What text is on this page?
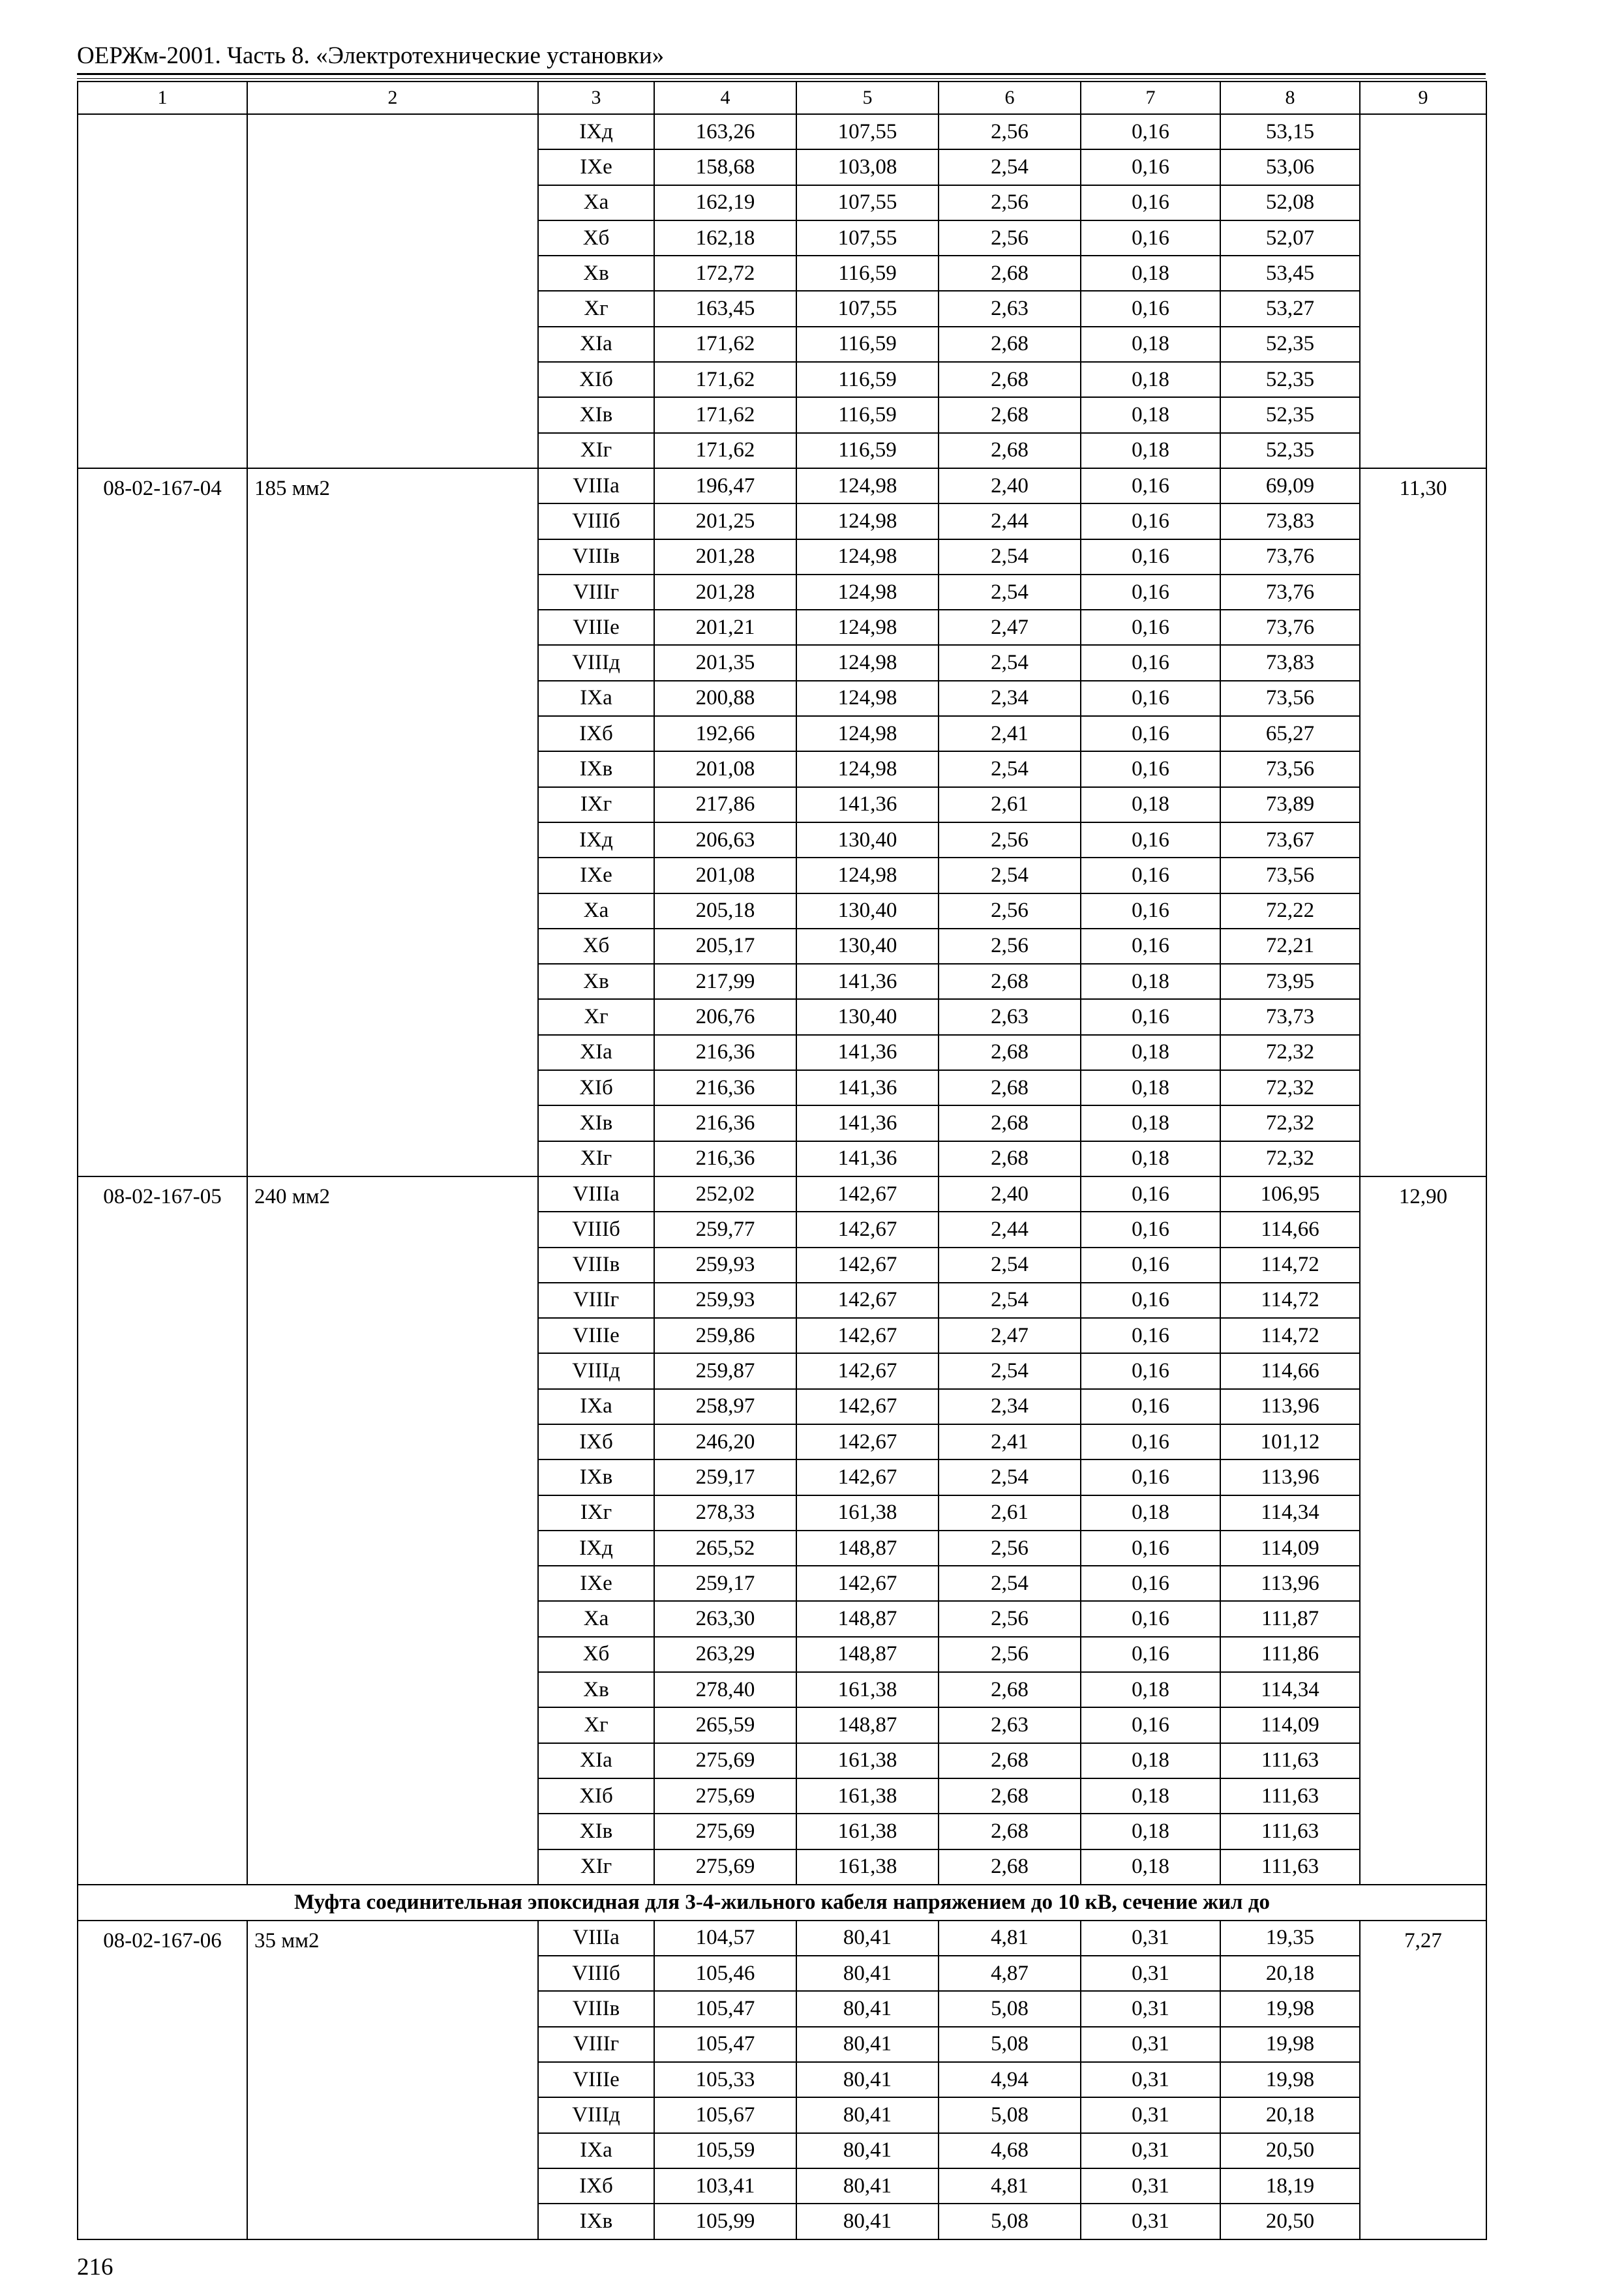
ОЕРЖм-2001. Часть 8. «Электротехнические установки»
1	2	3	4	5	6	7	8	9
		IXд	163,26	107,55	2,56	0,16	53,15	
		IXе	158,68	103,08	2,54	0,16	53,06	
		Xа	162,19	107,55	2,56	0,16	52,08	
		Xб	162,18	107,55	2,56	0,16	52,07	
		Xв	172,72	116,59	2,68	0,18	53,45	
		Xг	163,45	107,55	2,63	0,16	53,27	
		XIа	171,62	116,59	2,68	0,18	52,35	
		XIб	171,62	116,59	2,68	0,18	52,35	
		XIв	171,62	116,59	2,68	0,18	52,35	
		XIг	171,62	116,59	2,68	0,18	52,35	
08-02-167-04	185 мм2	VIIIа	196,47	124,98	2,40	0,16	69,09	11,30
		VIIIб	201,25	124,98	2,44	0,16	73,83	
		VIIIв	201,28	124,98	2,54	0,16	73,76	
		VIIIг	201,28	124,98	2,54	0,16	73,76	
		VIIIе	201,21	124,98	2,47	0,16	73,76	
		VIIIд	201,35	124,98	2,54	0,16	73,83	
		IXа	200,88	124,98	2,34	0,16	73,56	
		IXб	192,66	124,98	2,41	0,16	65,27	
		IXв	201,08	124,98	2,54	0,16	73,56	
		IXг	217,86	141,36	2,61	0,18	73,89	
		IXд	206,63	130,40	2,56	0,16	73,67	
		IXе	201,08	124,98	2,54	0,16	73,56	
		Xа	205,18	130,40	2,56	0,16	72,22	
		Xб	205,17	130,40	2,56	0,16	72,21	
		Xв	217,99	141,36	2,68	0,18	73,95	
		Xг	206,76	130,40	2,63	0,16	73,73	
		XIа	216,36	141,36	2,68	0,18	72,32	
		XIб	216,36	141,36	2,68	0,18	72,32	
		XIв	216,36	141,36	2,68	0,18	72,32	
		XIг	216,36	141,36	2,68	0,18	72,32	
08-02-167-05	240 мм2	VIIIа	252,02	142,67	2,40	0,16	106,95	12,90
		VIIIб	259,77	142,67	2,44	0,16	114,66	
		VIIIв	259,93	142,67	2,54	0,16	114,72	
		VIIIг	259,93	142,67	2,54	0,16	114,72	
		VIIIе	259,86	142,67	2,47	0,16	114,72	
		VIIIд	259,87	142,67	2,54	0,16	114,66	
		IXа	258,97	142,67	2,34	0,16	113,96	
		IXб	246,20	142,67	2,41	0,16	101,12	
		IXв	259,17	142,67	2,54	0,16	113,96	
		IXг	278,33	161,38	2,61	0,18	114,34	
		IXд	265,52	148,87	2,56	0,16	114,09	
		IXе	259,17	142,67	2,54	0,16	113,96	
		Xа	263,30	148,87	2,56	0,16	111,87	
		Xб	263,29	148,87	2,56	0,16	111,86	
		Xв	278,40	161,38	2,68	0,18	114,34	
		Xг	265,59	148,87	2,63	0,16	114,09	
		XIа	275,69	161,38	2,68	0,18	111,63	
		XIб	275,69	161,38	2,68	0,18	111,63	
		XIв	275,69	161,38	2,68	0,18	111,63	
		XIг	275,69	161,38	2,68	0,18	111,63	
Муфта соединительная эпоксидная для 3-4-жильного кабеля напряжением до 10 кВ, сечение жил до								
08-02-167-06	35 мм2	VIIIа	104,57	80,41	4,81	0,31	19,35	7,27
		VIIIб	105,46	80,41	4,87	0,31	20,18	
		VIIIв	105,47	80,41	5,08	0,31	19,98	
		VIIIг	105,47	80,41	5,08	0,31	19,98	
		VIIIе	105,33	80,41	4,94	0,31	19,98	
		VIIIд	105,67	80,41	5,08	0,31	20,18	
		IXа	105,59	80,41	4,68	0,31	20,50	
		IXб	103,41	80,41	4,81	0,31	18,19	
		IXв	105,99	80,41	5,08	0,31	20,50	
216
